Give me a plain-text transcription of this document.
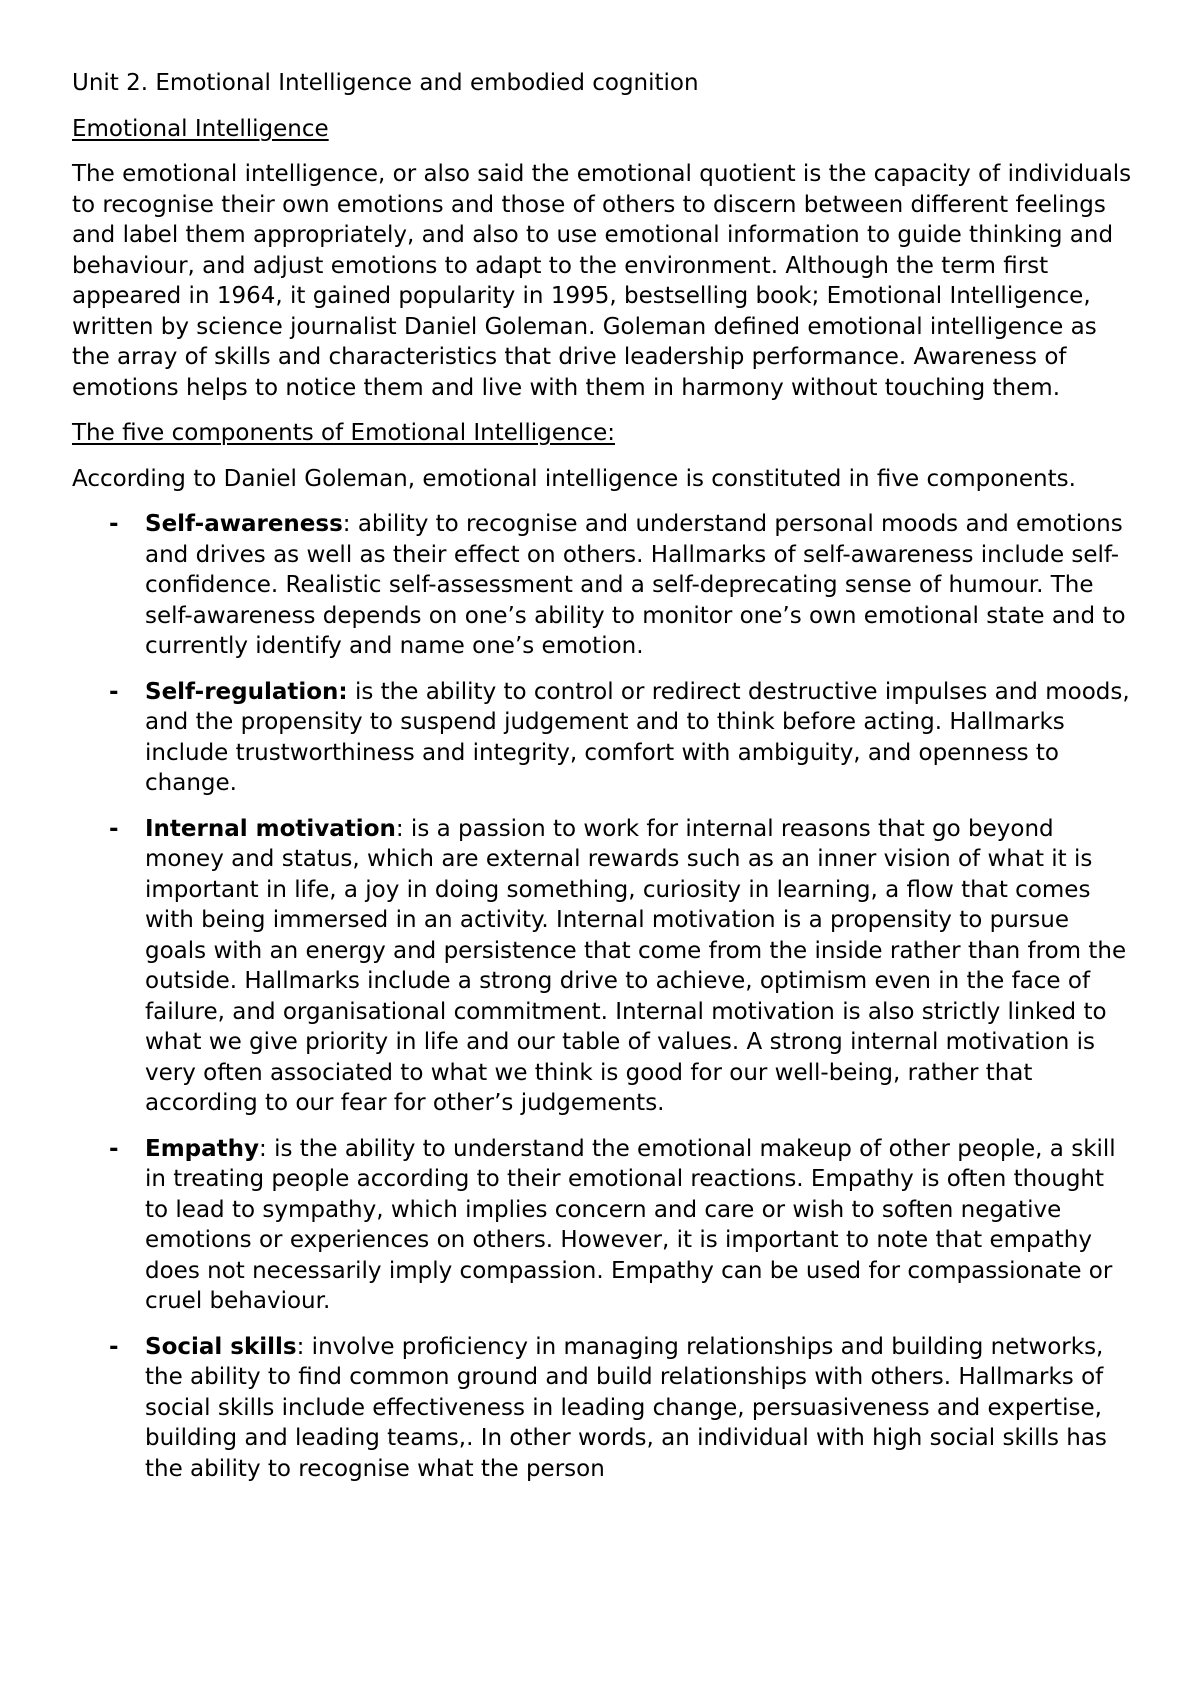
Unit 2. Emotional Intelligence and embodied cognition

Emotional Intelligence

The emotional intelligence, or also said the emotional quotient is the capacity of individuals to recognise their own emotions and those of others to discern between different feelings and label them appropriately, and also to use emotional information to guide thinking and behaviour, and adjust emotions to adapt to the environment. Although the term first appeared in 1964, it gained popularity in 1995, bestselling book; Emotional Intelligence, written by science journalist Daniel Goleman. Goleman defined emotional intelligence as the array of skills and characteristics that drive leadership performance. Awareness of emotions helps to notice them and live with them in harmony without touching them.

The five components of Emotional Intelligence:

According to Daniel Goleman, emotional intelligence is constituted in five components.

- Self-awareness: ability to recognise and understand personal moods and emotions and drives as well as their effect on others. Hallmarks of self-awareness include self-confidence. Realistic self-assessment and a self-deprecating sense of humour. The self-awareness depends on one’s ability to monitor one’s own emotional state and to currently identify and name one’s emotion.
- Self-regulation: is the ability to control or redirect destructive impulses and moods, and the propensity to suspend judgement and to think before acting. Hallmarks include trustworthiness and integrity, comfort with ambiguity, and openness to change.
- Internal motivation: is a passion to work for internal reasons that go beyond money and status, which are external rewards such as an inner vision of what it is important in life, a joy in doing something, curiosity in learning, a flow that comes with being immersed in an activity. Internal motivation is a propensity to pursue goals with an energy and persistence that come from the inside rather than from the outside. Hallmarks include a strong drive to achieve, optimism even in the face of failure, and organisational commitment. Internal motivation is also strictly linked to what we give priority in life and our table of values. A strong internal motivation is very often associated to what we think is good for our well-being, rather that according to our fear for other’s judgements.
- Empathy: is the ability to understand the emotional makeup of other people, a skill in treating people according to their emotional reactions. Empathy is often thought to lead to sympathy, which implies concern and care or wish to soften negative emotions or experiences on others. However, it is important to note that empathy does not necessarily imply compassion. Empathy can be used for compassionate or cruel behaviour.
- Social skills: involve proficiency in managing relationships and building networks, the ability to find common ground and build relationships with others. Hallmarks of social skills include effectiveness in leading change, persuasiveness and expertise, building and leading teams,. In other words, an individual with high social skills has the ability to recognise what the person
